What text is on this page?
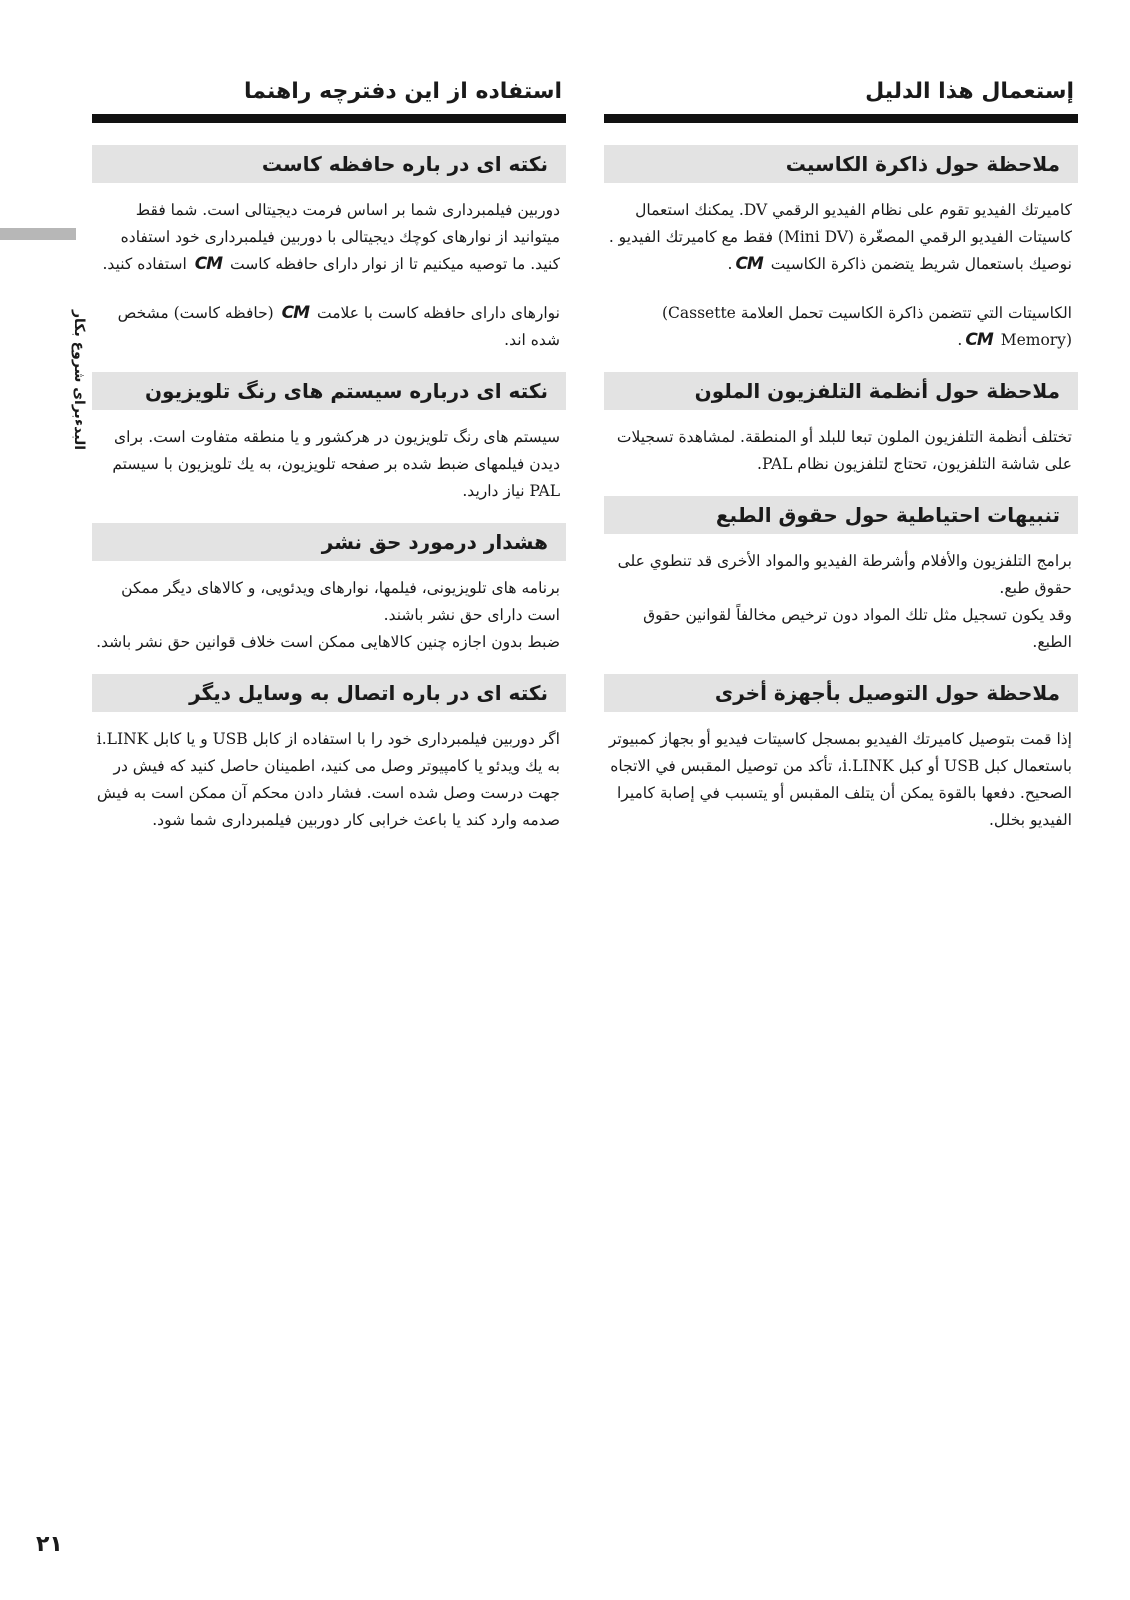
إستعمال هذا الدليل
ملاحظة حول ذاكرة الكاسيت

كاميرتك الفيديو تقوم على نظام الفيديو الرقمي DV. يمكنك استعمال كاسيتات الفيديو الرقمي المصغّرة (Mini DV) فقط مع كاميرتك الفيديو . نوصيك باستعمال شريط يتضمن ذاكرة الكاسيت CM.

الكاسيتات التي تتضمن ذاكرة الكاسيت تحمل العلامة (Cassette Memory) CM.

ملاحظة حول أنظمة التلفزيون الملون

تختلف أنظمة التلفزيون الملون تبعا للبلد أو المنطقة. لمشاهدة تسجيلات على شاشة التلفزيون، تحتاج لتلفزيون نظام PAL.

تنبيهات احتياطية حول حقوق الطبع

برامج التلفزيون والأفلام وأشرطة الفيديو والمواد الأخرى قد تنطوي على حقوق طبع.

وقد يكون تسجيل مثل تلك المواد دون ترخيص مخالفاً لقوانين حقوق الطبع.

ملاحظة حول التوصيل بأجهزة أخرى

إذا قمت بتوصيل كاميرتك الفيديو بمسجل كاسيتات فيديو أو بجهاز كمبيوتر باستعمال كبل USB أو كبل i.LINK، تأكد من توصيل المقبس في الاتجاه الصحيح. دفعها بالقوة يمكن أن يتلف المقبس أو يتسبب في إصابة كاميرا الفيديو بخلل.

استفاده از این دفترچه راهنما
نکته ای در باره حافظه کاست

دوربین فیلمبرداری شما بر اساس فرمت دیجیتالی است. شما فقط میتوانید از نوارهای کوچك دیجیتالی با دوربین فیلمبرداری خود استفاده کنید. ما توصیه میکنیم تا از نوار دارای حافظه کاست CM استفاده کنید.

نوارهای دارای حافظه کاست با علامت CM (حافظه کاست) مشخص شده اند.

نکته ای درباره سیستم های رنگ تلویزیون

سیستم های رنگ تلویزیون در هرکشور و یا منطقه متفاوت است. برای دیدن فیلمهای ضبط شده بر صفحه تلویزیون، به یك تلویزیون با سیستم PAL نیاز دارید.

هشدار درمورد حق نشر

برنامه های تلویزیونی، فیلمها، نوارهای ویدئویی، و کالاهای دیگر ممکن است دارای حق نشر باشند.

ضبط بدون اجازه چنین کالاهایی ممکن است خلاف قوانین حق نشر باشد.

نکته ای در باره اتصال به وسایل دیگر

اگر دوربین فیلمبرداری خود را با استفاده از کابل USB و یا کابل i.LINK به یك ویدئو یا کامپیوتر وصل می کنید، اطمینان حاصل کنید که فیش در جهت درست وصل شده است. فشار دادن محکم آن ممکن است به فیش صدمه وارد کند یا باعث خرابی کار دوربین فیلمبرداری شما شود.

البدءبرای شروع بکار
۲۱
